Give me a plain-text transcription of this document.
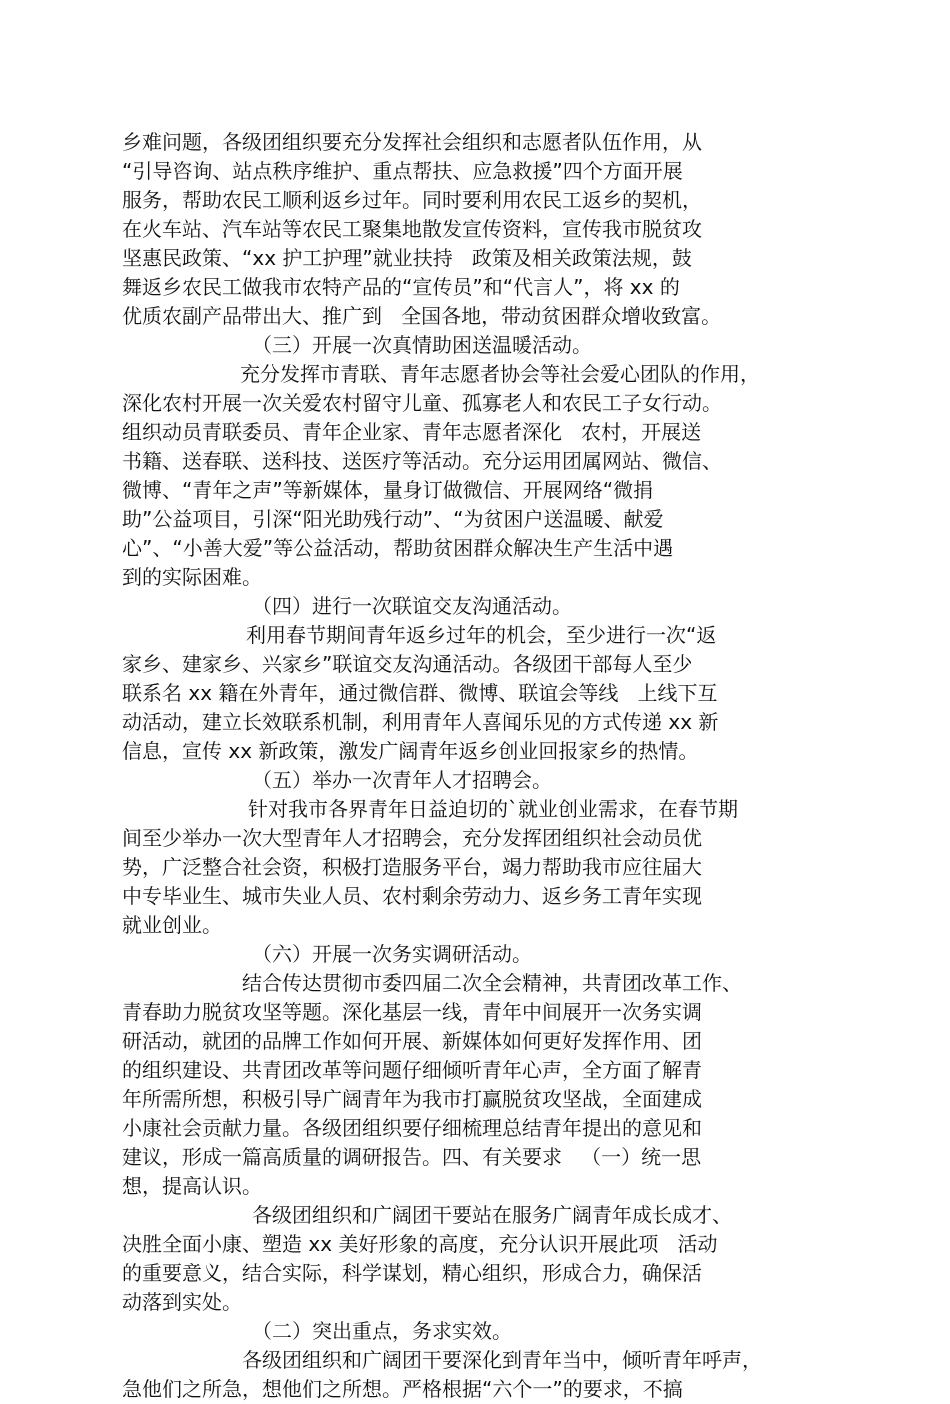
乡难问题，各级团组织要充分发挥社会组织和志愿者队伍作用，从
“引导咨询、站点秩序维护、重点帮扶、应急救援”四个方面开展
服务，帮助农民工顺利返乡过年。同时要利用农民工返乡的契机，
在火车站、汽车站等农民工聚集地散发宣传资料，宣传我市脱贫攻
坚惠民政策、“xx 护工护理”就业扶持   政策及相关政策法规，鼓
舞返乡农民工做我市农特产品的“宣传员”和“代言人”，将 xx 的
优质农副产品带出大、推广到   全国各地，带动贫困群众增收致富。
（三）开展一次真情助困送温暖活动。
充分发挥市青联、青年志愿者协会等社会爱心团队的作用，
深化农村开展一次关爱农村留守儿童、孤寡老人和农民工子女行动。
组织动员青联委员、青年企业家、青年志愿者深化   农村，开展送
书籍、送春联、送科技、送医疗等活动。充分运用团属网站、微信、
微博、“青年之声”等新媒体，量身订做微信、开展网络“微捐
助”公益项目，引深“阳光助残行动”、“为贫困户送温暖、献爱
心”、“小善大爱”等公益活动，帮助贫困群众解决生产生活中遇
到的实际困难。
（四）进行一次联谊交友沟通活动。
利用春节期间青年返乡过年的机会，至少进行一次“返
家乡、建家乡、兴家乡”联谊交友沟通活动。各级团干部每人至少
联系名 xx 籍在外青年，通过微信群、微博、联谊会等线   上线下互
动活动，建立长效联系机制，利用青年人喜闻乐见的方式传递 xx 新
信息，宣传 xx 新政策，激发广阔青年返乡创业回报家乡的热情。
（五）举办一次青年人才招聘会。
针对我市各界青年日益迫切的`就业创业需求，在春节期
间至少举办一次大型青年人才招聘会，充分发挥团组织社会动员优
势，广泛整合社会资，积极打造服务平台，竭力帮助我市应往届大
中专毕业生、城市失业人员、农村剩余劳动力、返乡务工青年实现
就业创业。
（六）开展一次务实调研活动。
结合传达贯彻市委四届二次全会精神，共青团改革工作、
青春助力脱贫攻坚等题。深化基层一线，青年中间展开一次务实调
研活动，就团的品牌工作如何开展、新媒体如何更好发挥作用、团
的组织建设、共青团改革等问题仔细倾听青年心声，全方面了解青
年所需所想，积极引导广阔青年为我市打赢脱贫攻坚战，全面建成
小康社会贡献力量。各级团组织要仔细梳理总结青年提出的意见和
建议，形成一篇高质量的调研报告。四、有关要求   （一）统一思
想，提高认识。
各级团组织和广阔团干要站在服务广阔青年成长成才、
决胜全面小康、塑造 xx 美好形象的高度，充分认识开展此项   活动
的重要意义，结合实际，科学谋划，精心组织，形成合力，确保活
动落到实处。
（二）突出重点，务求实效。
各级团组织和广阔团干要深化到青年当中，倾听青年呼声，
急他们之所急，想他们之所想。严格根据“六个一”的要求，不搞
